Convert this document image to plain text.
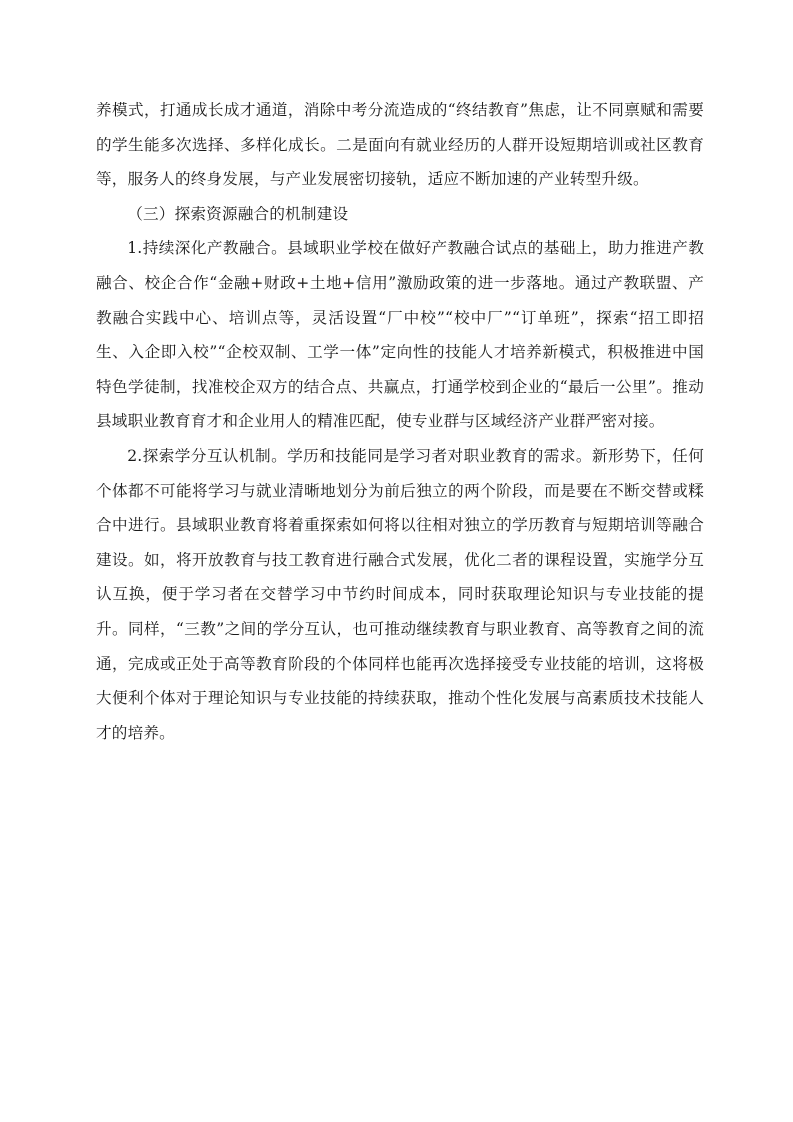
养模式，打通成长成才通道，消除中考分流造成的“终结教育”焦虑，让不同禀赋和需要的学生能多次选择、多样化成长。二是面向有就业经历的人群开设短期培训或社区教育等，服务人的终身发展，与产业发展密切接轨，适应不断加速的产业转型升级。

（三）探索资源融合的机制建设

1.持续深化产教融合。县域职业学校在做好产教融合试点的基础上，助力推进产教融合、校企合作“金融+财政+土地+信用”激励政策的进一步落地。通过产教联盟、产教融合实践中心、培训点等，灵活设置“厂中校”“校中厂”“订单班”，探索“招工即招生、入企即入校”“企校双制、工学一体”定向性的技能人才培养新模式，积极推进中国特色学徒制，找准校企双方的结合点、共赢点，打通学校到企业的“最后一公里”。推动县域职业教育育才和企业用人的精准匹配，使专业群与区域经济产业群严密对接。

2.探索学分互认机制。学历和技能同是学习者对职业教育的需求。新形势下，任何个体都不可能将学习与就业清晰地划分为前后独立的两个阶段，而是要在不断交替或糅合中进行。县域职业教育将着重探索如何将以往相对独立的学历教育与短期培训等融合建设。如，将开放教育与技工教育进行融合式发展，优化二者的课程设置，实施学分互认互换，便于学习者在交替学习中节约时间成本，同时获取理论知识与专业技能的提升。同样，“三教”之间的学分互认，也可推动继续教育与职业教育、高等教育之间的流通，完成或正处于高等教育阶段的个体同样也能再次选择接受专业技能的培训，这将极大便利个体对于理论知识与专业技能的持续获取，推动个性化发展与高素质技术技能人才的培养。
